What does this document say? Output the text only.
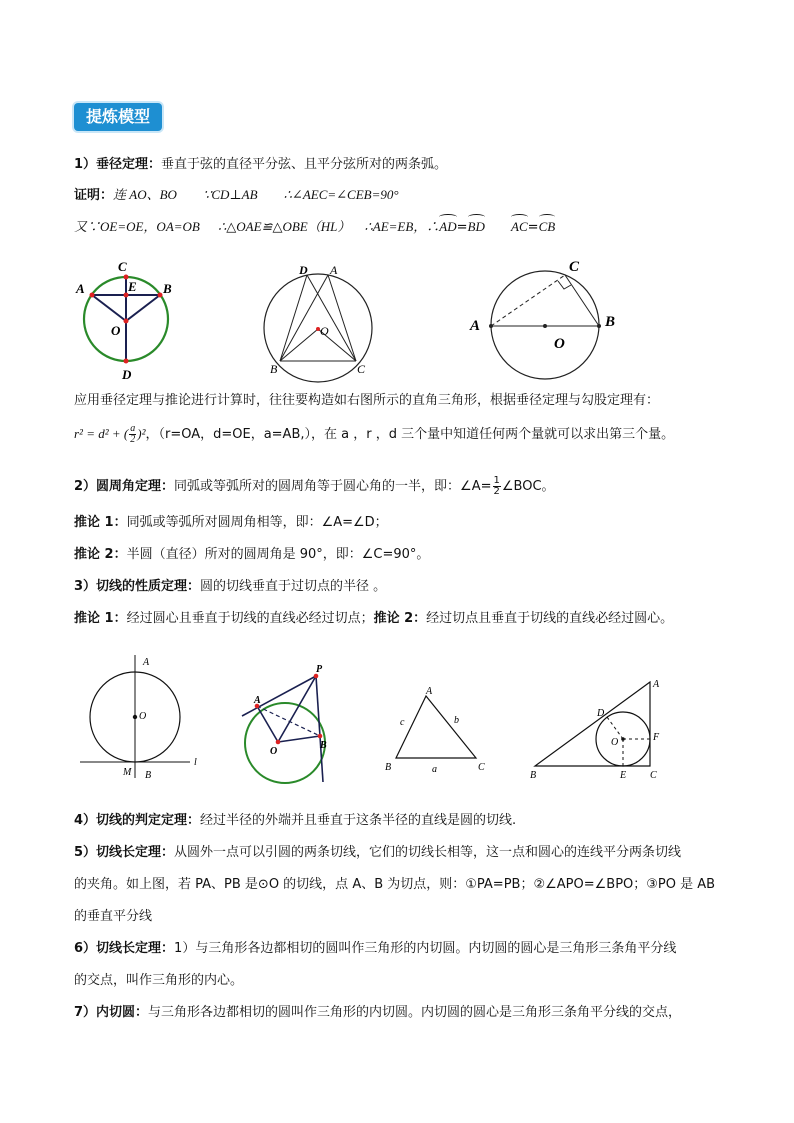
提炼模型
1）垂径定理：垂直于弦的直径平分弦、且平分弦所对的两条弧。
证明：连 AO、BO ∵CD⊥AB ∴∠AEC=∠CEB=90°
又∵OE=OE，OA=OB ∴△OAE≌△OBE（HL） ∴AE=EB，∴AD=BD AC=CB
C
A	B
E
O
D
D A
O
B	C
A
C
B
O
应用垂径定理与推论进行计算时，往往要构造如右图所示的直角三角形，根据垂径定理与勾股定理有：
r² = d² + ( $\frac{a}{2} )^2$，（r=OA，d=OE，a=AB,），在 a ，r ，d 三个量中知道任何两个量就可以求出第三个量。
2）圆周角定理：同弧或等弧所对的圆周角等于圆心角的一半，即：∠A= $\frac{1}{2}$ ∠BOC。
推论 1：同弧或等弧所对圆周角相等，即：∠A=∠D；
推论 2：半圆（直径）所对的圆周角是 90°，即：∠C=90°。
3）切线的性质定理：圆的切线垂直于过切点的半径 。
推论 1：经过圆心且垂直于切线的直线必经过切点；推论 2：经过切点且垂直于切线的直线必经过圆心。
A
O
M B
l
P
A
B
O
A
B	C
a
b
c
A
B	C
D
E
F
O
4）切线的判定定理：经过半径的外端并且垂直于这条半径的直线是圆的切线.
5）切线长定理：从圆外一点可以引圆的两条切线，它们的切线长相等，这一点和圆心的连线平分两条切线
的夹角。如上图，若 PA、PB 是⊙O 的切线，点 A、B 为切点，则：①PA=PB；②∠APO=∠BPO；③PO 是 AB
的垂直平分线
6）切线长定理：1）与三角形各边都相切的圆叫作三角形的内切圆。内切圆的圆心是三角形三条角平分线
的交点，叫作三角形的内心。
7）内切圆：与三角形各边都相切的圆叫作三角形的内切圆。内切圆的圆心是三角形三条角平分线的交点，
